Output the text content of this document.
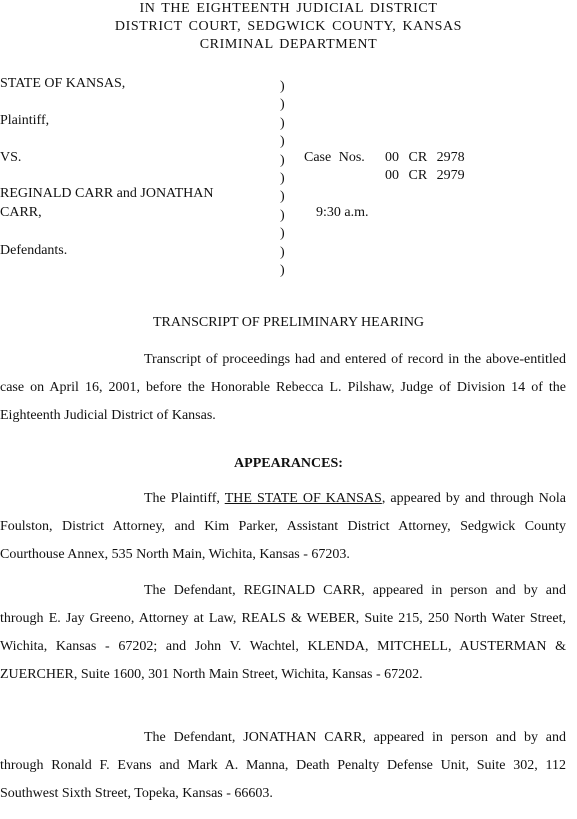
IN THE EIGHTEENTH JUDICIAL DISTRICT
DISTRICT COURT, SEDGWICK COUNTY, KANSAS
CRIMINAL DEPARTMENT
STATE OF KANSAS,
Plaintiff,
VS.
REGINALD CARR and JONATHAN
CARR,
Defendants.
)
)
)
)
)
)
)
)
)
)
)
Case Nos. 00 CR 2978
00 CR 2979
9:30 a.m.
TRANSCRIPT OF PRELIMINARY HEARING
Transcript of proceedings had and entered of record in the above-entitled case on April 16, 2001, before the Honorable Rebecca L. Pilshaw, Judge of Division 14 of the Eighteenth Judicial District of Kansas.
APPEARANCES:
The Plaintiff, THE STATE OF KANSAS, appeared by and through Nola Foulston, District Attorney, and Kim Parker, Assistant District Attorney, Sedgwick County Courthouse Annex, 535 North Main, Wichita, Kansas - 67203.
The Defendant, REGINALD CARR, appeared in person and by and through E. Jay Greeno, Attorney at Law, REALS & WEBER, Suite 215, 250 North Water Street, Wichita, Kansas - 67202; and John V. Wachtel, KLENDA, MITCHELL, AUSTERMAN & ZUERCHER, Suite 1600, 301 North Main Street, Wichita, Kansas - 67202.
The Defendant, JONATHAN CARR, appeared in person and by and through Ronald F. Evans and Mark A. Manna, Death Penalty Defense Unit, Suite 302, 112 Southwest Sixth Street, Topeka, Kansas - 66603.
